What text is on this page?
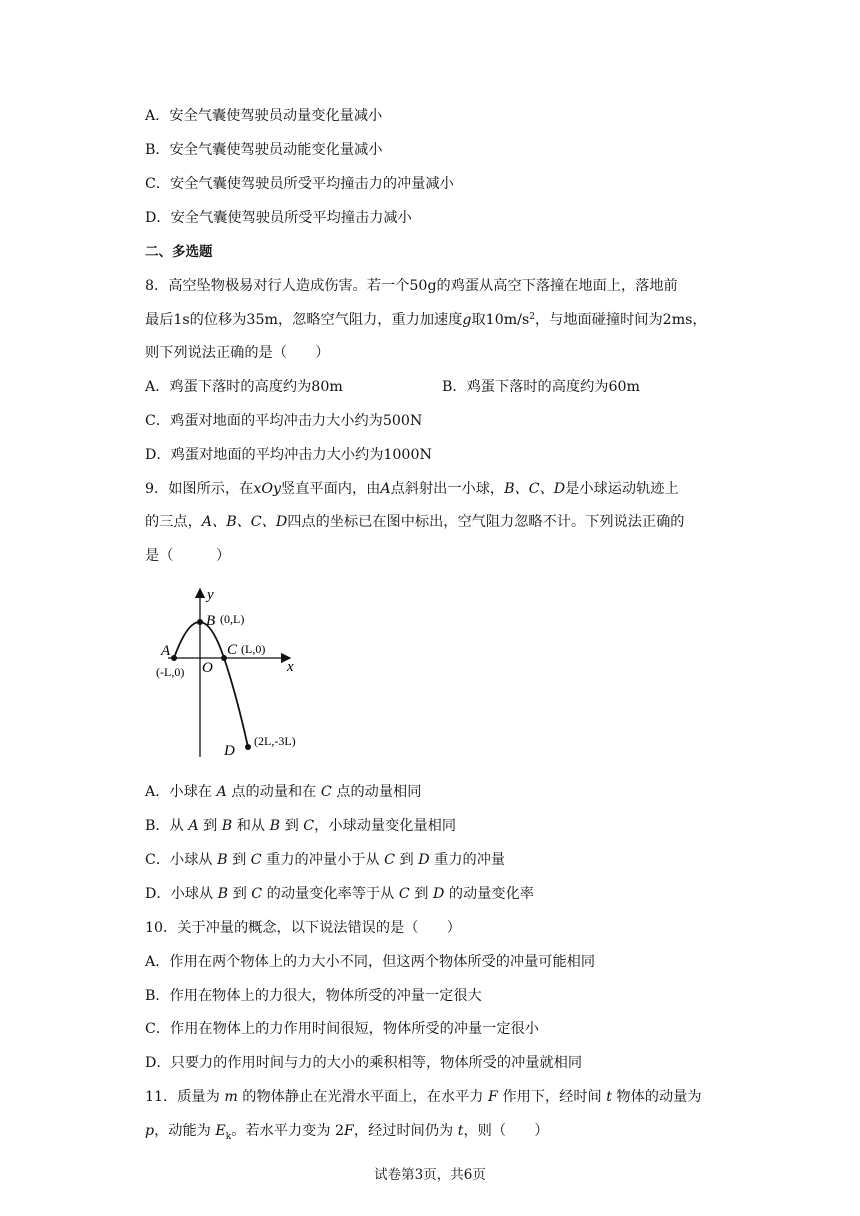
A．安全气囊使驾驶员动量变化量减小
B．安全气囊使驾驶员动能变化量减小
C．安全气囊使驾驶员所受平均撞击力的冲量减小
D．安全气囊使驾驶员所受平均撞击力减小
二、多选题
8．高空坠物极易对行人造成伤害。若一个50g的鸡蛋从高空下落撞在地面上，落地前
最后1s的位移为35m，忽略空气阻力，重力加速度g取$10m/s^2$，与地面碰撞时间为2ms，
则下列说法正确的是（　　）
A．鸡蛋下落时的高度约为80m	B．鸡蛋下落时的高度约为60m
C．鸡蛋对地面的平均冲击力大小约为500N
D．鸡蛋对地面的平均冲击力大小约为1000N
9．如图所示，在xOy竖直平面内，由A点斜射出一小球，B、C、D是小球运动轨迹上
的三点，A、B、C、D四点的坐标已在图中标出，空气阻力忽略不计。下列说法正确的
是（　　　）
y
x
O
A
(-L,0)
B (0,L)
C (L,0)
D
(2L,-3L)
A．小球在 A 点的动量和在 C 点的动量相同
B．从 A 到 B 和从 B 到 C，小球动量变化量相同
C．小球从 B 到 C 重力的冲量小于从 C 到 D 重力的冲量
D．小球从 B 到 C 的动量变化率等于从 C 到 D 的动量变化率
10．关于冲量的概念，以下说法错误的是（　　）
A．作用在两个物体上的力大小不同，但这两个物体所受的冲量可能相同
B．作用在物体上的力很大，物体所受的冲量一定很大
C．作用在物体上的力作用时间很短，物体所受的冲量一定很小
D．只要力的作用时间与力的大小的乘积相等，物体所受的冲量就相同
11．质量为 m 的物体静止在光滑水平面上，在水平力 F 作用下，经时间 t 物体的动量为
p，动能为 $E_k$。若水平力变为 2F，经过时间仍为 t，则（　　）
试卷第3页，共6页
